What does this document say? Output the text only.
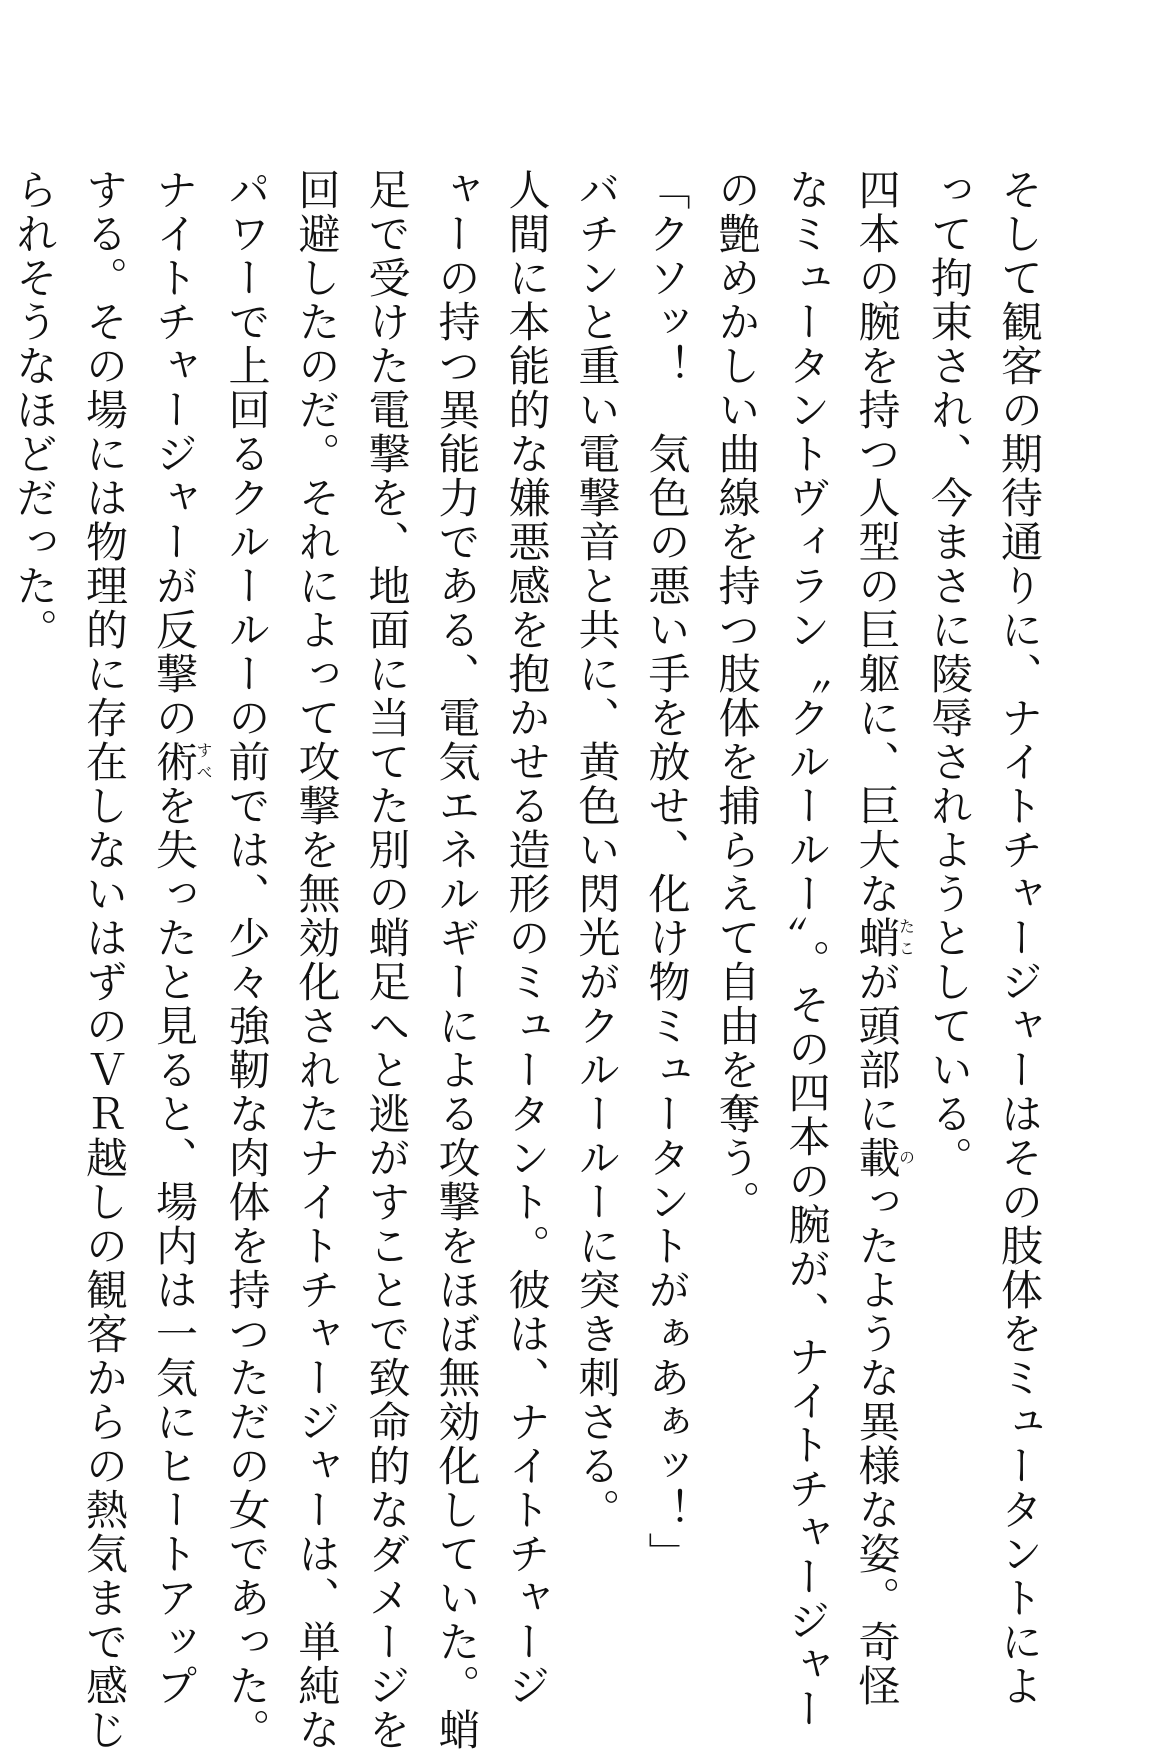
そして観客の期待通りに、ナイトチャージャーはその肢体をミュータントによ
って拘束され、今まさに陵辱されようとしている。
四本の腕を持つ人型の巨躯に、巨大な蛸たこが頭部に載のったような異様な姿。奇怪
なミュータントヴィラン〝クルールー〟。その四本の腕が、ナイトチャージャー
の艶めかしい曲線を持つ肢体を捕らえて自由を奪う。
「クソッ！　気色の悪い手を放せ、化け物ミュータントがぁあぁッ！」
バチンと重い電撃音と共に、黄色い閃光がクルールーに突き刺さる。
人間に本能的な嫌悪感を抱かせる造形のミュータント。彼は、ナイトチャージ
ャーの持つ異能力である、電気エネルギーによる攻撃をほぼ無効化していた。蛸
足で受けた電撃を、地面に当てた別の蛸足へと逃がすことで致命的なダメージを
回避したのだ。それによって攻撃を無効化されたナイトチャージャーは、単純な
パワーで上回るクルールーの前では、少々強靭な肉体を持つただの女であった。
ナイトチャージャーが反撃の術すべを失ったと見ると、場内は一気にヒートアップ
する。その場には物理的に存在しないはずのＶＲ越しの観客からの熱気まで感じ
られそうなほどだった。
